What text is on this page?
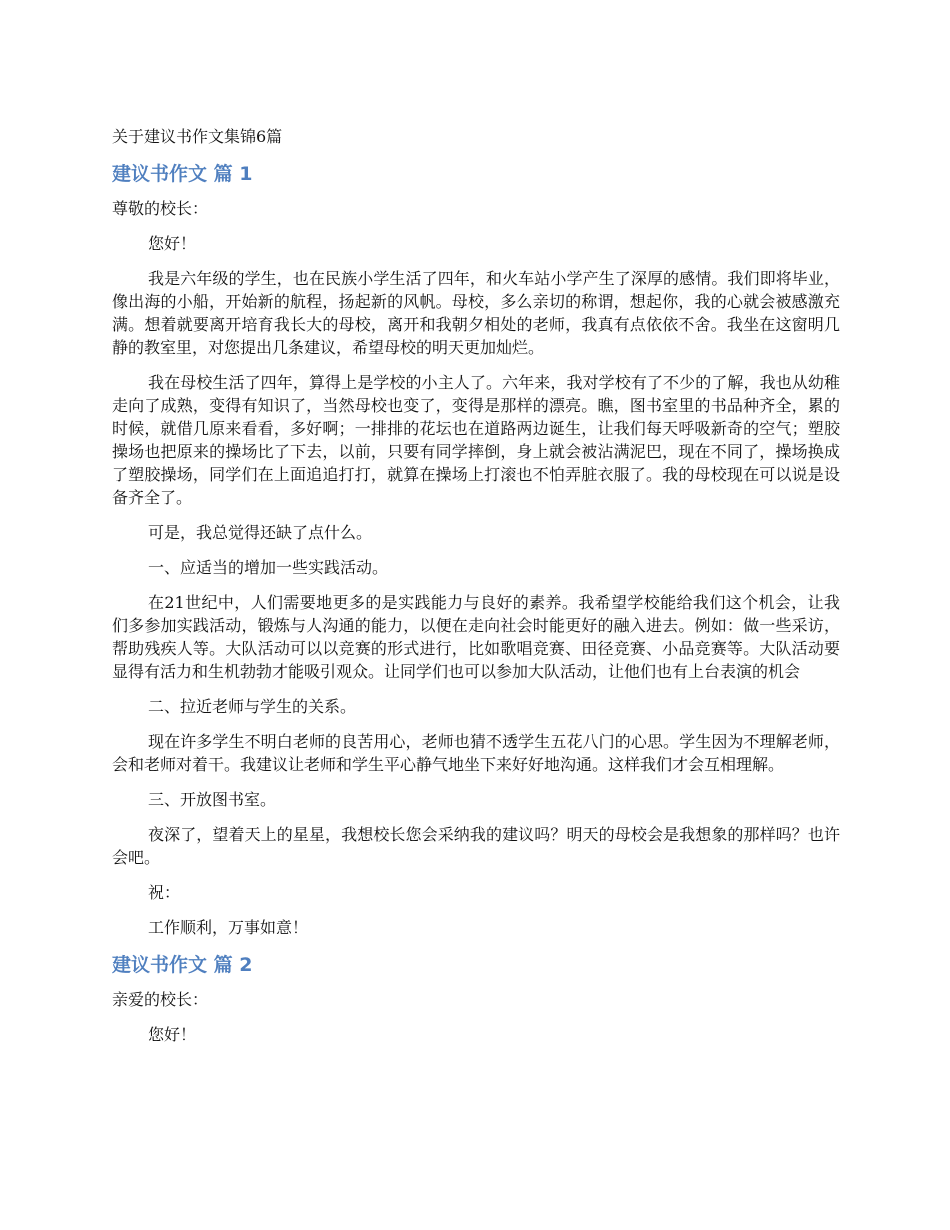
关于建议书作文集锦6篇
建议书作文 篇 1
尊敬的校长：

您好！

我是六年级的学生，也在民族小学生活了四年，和火车站小学产生了深厚的感情。我们即将毕业，像出海的小船，开始新的航程，扬起新的风帆。母校，多么亲切的称谓，想起你，我的心就会被感激充满。想着就要离开培育我长大的母校，离开和我朝夕相处的老师，我真有点依依不舍。我坐在这窗明几静的教室里，对您提出几条建议，希望母校的明天更加灿烂。

我在母校生活了四年，算得上是学校的小主人了。六年来，我对学校有了不少的了解，我也从幼稚走向了成熟，变得有知识了，当然母校也变了，变得是那样的漂亮。瞧，图书室里的书品种齐全，累的时候，就借几原来看看，多好啊；一排排的花坛也在道路两边诞生，让我们每天呼吸新奇的空气；塑胶操场也把原来的操场比了下去，以前，只要有同学摔倒，身上就会被沾满泥巴，现在不同了，操场换成了塑胶操场，同学们在上面追追打打，就算在操场上打滚也不怕弄脏衣服了。我的母校现在可以说是设备齐全了。

可是，我总觉得还缺了点什么。

一、应适当的增加一些实践活动。

在21世纪中，人们需要地更多的是实践能力与良好的素养。我希望学校能给我们这个机会，让我们多参加实践活动，锻炼与人沟通的能力，以便在走向社会时能更好的融入进去。例如：做一些采访，帮助残疾人等。大队活动可以以竞赛的形式进行，比如歌唱竞赛、田径竞赛、小品竞赛等。大队活动要显得有活力和生机勃勃才能吸引观众。让同学们也可以参加大队活动，让他们也有上台表演的机会

二、拉近老师与学生的关系。

现在许多学生不明白老师的良苦用心，老师也猜不透学生五花八门的心思。学生因为不理解老师，会和老师对着干。我建议让老师和学生平心静气地坐下来好好地沟通。这样我们才会互相理解。

三、开放图书室。

夜深了，望着天上的星星，我想校长您会采纳我的建议吗？明天的母校会是我想象的那样吗？也许会吧。

祝：

工作顺利，万事如意！

建议书作文 篇 2
亲爱的校长：

您好！
